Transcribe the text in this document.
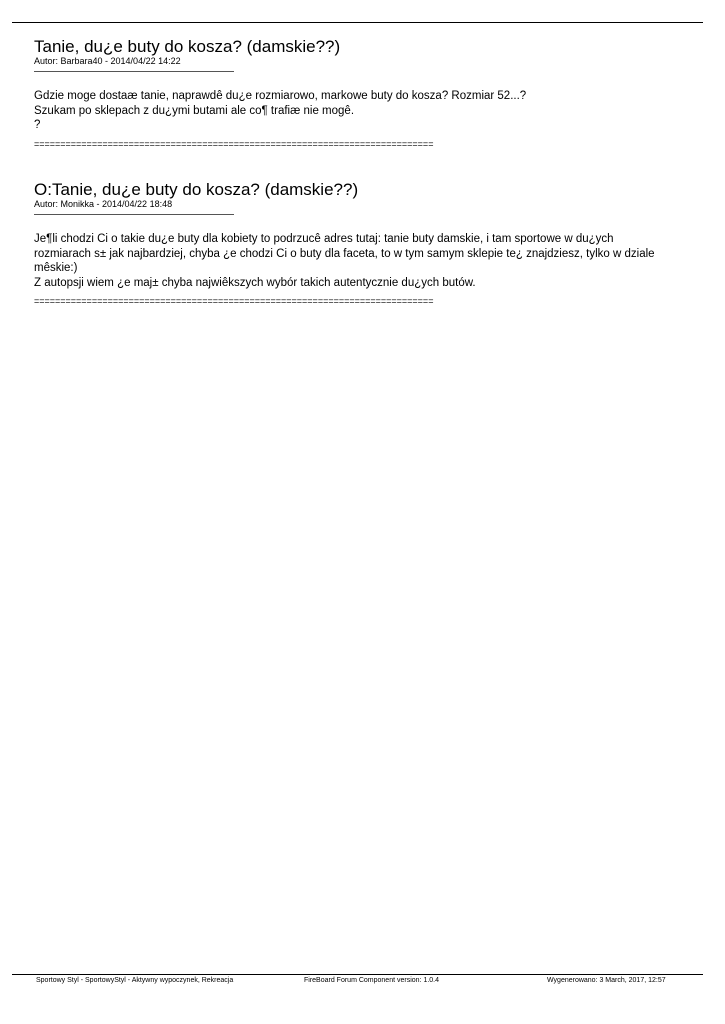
Tanie, du¿e buty do kosza? (damskie??)
Autor: Barbara40 - 2014/04/22 14:22
Gdzie moge dostaæ tanie, naprawdê du¿e rozmiarowo, markowe buty do kosza? Rozmiar 52...?
Szukam po sklepach z du¿ymi butami ale co¶ trafiæ nie mogê.
?
============================================================================
O:Tanie, du¿e buty do kosza? (damskie??)
Autor: Monikka - 2014/04/22 18:48
Je¶li chodzi Ci o takie du¿e buty dla kobiety to podrzucê adres tutaj: tanie buty damskie, i tam sportowe w du¿ych rozmiarach s± jak najbardziej, chyba ¿e chodzi Ci o buty dla faceta, to w tym samym sklepie te¿ znajdziesz, tylko w dziale mêskie:)
Z autopsji wiem ¿e maj± chyba najwiêkszych wybór takich autentycznie du¿ych butów.
============================================================================
Sportowy Styl - SportowyStyl - Aktywny wypoczynek, Rekreacja	FireBoard Forum Component version: 1.0.4	Wygenerowano: 3 March, 2017, 12:57
